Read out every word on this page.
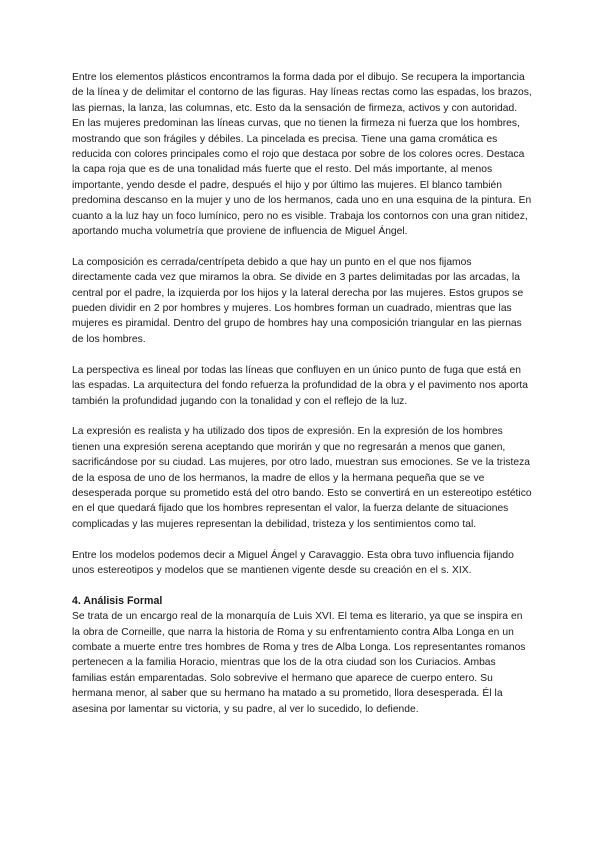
Entre los elementos plásticos encontramos la forma dada por el dibujo. Se recupera la importancia de la línea y de delimitar el contorno de las figuras. Hay líneas rectas como las espadas, los brazos, las piernas, la lanza, las columnas, etc. Esto da la sensación de firmeza, activos y con autoridad. En las mujeres predominan las líneas curvas, que no tienen la firmeza ni fuerza que los hombres, mostrando que son frágiles y débiles. La pincelada es precisa. Tiene una gama cromática es reducida con colores principales como el rojo que destaca por sobre de los colores ocres. Destaca la capa roja que es de una tonalidad más fuerte que el resto. Del más importante, al menos importante, yendo desde el padre, después el hijo y por último las mujeres. El blanco también predomina descanso en la mujer y uno de los hermanos, cada uno en una esquina de la pintura. En cuanto a la luz hay un foco lumínico, pero no es visible. Trabaja los contornos con una gran nitidez, aportando mucha volumetría que proviene de influencia de Miguel Ángel.

La composición es cerrada/centrípeta debido a que hay un punto en el que nos fijamos directamente cada vez que miramos la obra. Se divide en 3 partes delimitadas por las arcadas, la central por el padre, la izquierda por los hijos y la lateral derecha por las mujeres. Estos grupos se pueden dividir en 2 por hombres y mujeres. Los hombres forman un cuadrado, mientras que las mujeres es piramidal. Dentro del grupo de hombres hay una composición triangular en las piernas de los hombres.

La perspectiva es lineal por todas las líneas que confluyen en un único punto de fuga que está en las espadas. La arquitectura del fondo refuerza la profundidad de la obra y el pavimento nos aporta también la profundidad jugando con la tonalidad y con el reflejo de la luz.

La expresión es realista y ha utilizado dos tipos de expresión. En la expresión de los hombres tienen una expresión serena aceptando que morirán y que no regresarán a menos que ganen, sacrificándose por su ciudad. Las mujeres, por otro lado, muestran sus emociones. Se ve la tristeza de la esposa de uno de los hermanos, la madre de ellos y la hermana pequeña que se ve desesperada porque su prometido está del otro bando. Esto se convertirá en un estereotipo estético en el que quedará fijado que los hombres representan el valor, la fuerza delante de situaciones complicadas y las mujeres representan la debilidad, tristeza y los sentimientos como tal.

Entre los modelos podemos decir a Miguel Ángel y Caravaggio. Esta obra tuvo influencia fijando unos estereotipos y modelos que se mantienen vigente desde su creación en el s. XIX.

4. Análisis Formal

Se trata de un encargo real de la monarquía de Luis XVI. El tema es literario, ya que se inspira en la obra de Corneille, que narra la historia de Roma y su enfrentamiento contra Alba Longa en un combate a muerte entre tres hombres de Roma y tres de Alba Longa. Los representantes romanos pertenecen a la familia Horacio, mientras que los de la otra ciudad son los Curiacios. Ambas familias están emparentadas. Solo sobrevive el hermano que aparece de cuerpo entero. Su hermana menor, al saber que su hermano ha matado a su prometido, llora desesperada. Él la asesina por lamentar su victoria, y su padre, al ver lo sucedido, lo defiende.
